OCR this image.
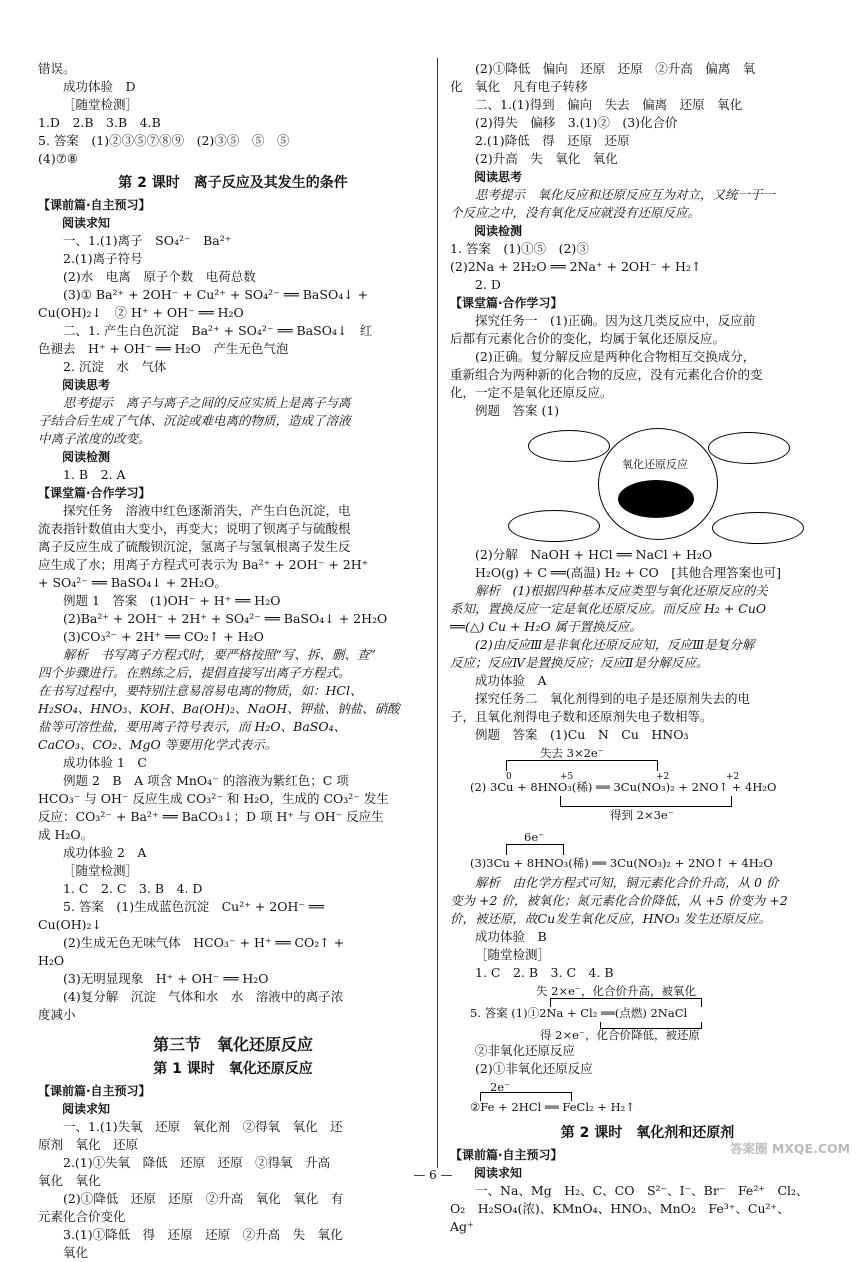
错误。
成功体验　D
［随堂检测］
1.D　2.B　3.B　4.B
5. 答案　(1)②③⑤⑦⑧⑨　(2)③⑤　⑤　⑤
(4)⑦⑧
第 2 课时　离子反应及其发生的条件
【课前篇·自主预习】
阅读求知
一、1.(1)离子　SO₄²⁻　Ba²⁺
2.(1)离子符号
(2)水　电离　原子个数　电荷总数
(3)① Ba²⁺ + 2OH⁻ + Cu²⁺ + SO₄²⁻ ══ BaSO₄↓ +
Cu(OH)₂↓　② H⁺ + OH⁻ ══ H₂O
二、1. 产生白色沉淀　Ba²⁺ + SO₄²⁻ ══ BaSO₄↓　红
色褪去　H⁺ + OH⁻ ══ H₂O　产生无色气泡
2. 沉淀　水　气体
阅读思考
思考提示　离子与离子之间的反应实质上是离子与离
子结合后生成了气体、沉淀或难电离的物质，造成了溶液
中离子浓度的改变。
阅读检测
1. B　2. A
【课堂篇·合作学习】
探究任务　溶液中红色逐渐消失，产生白色沉淀，电
流表指针数值由大变小，再变大；说明了钡离子与硫酸根
离子反应生成了硫酸钡沉淀，氢离子与氢氧根离子发生反
应生成了水；用离子方程式可表示为 Ba²⁺ + 2OH⁻ + 2H⁺
+ SO₄²⁻ ══ BaSO₄↓ + 2H₂O。
例题 1　答案　(1)OH⁻ + H⁺ ══ H₂O
(2)Ba²⁺ + 2OH⁻ + 2H⁺ + SO₄²⁻ ══ BaSO₄↓ + 2H₂O
(3)CO₃²⁻ + 2H⁺ ══ CO₂↑ + H₂O
解析　书写离子方程式时，要严格按照“写、拆、删、查”
四个步骤进行。在熟练之后，提倡直接写出离子方程式。
在书写过程中，要特别注意易溶易电离的物质，如：HCl、
H₂SO₄、HNO₃、KOH、Ba(OH)₂、NaOH、钾盐、钠盐、硝酸
盐等可溶性盐，要用离子符号表示，而 H₂O、BaSO₄、
CaCO₃、CO₂、MgO 等要用化学式表示。
成功体验 1　C
例题 2　B　A 项含 MnO₄⁻ 的溶液为紫红色；C 项
HCO₃⁻ 与 OH⁻ 反应生成 CO₃²⁻ 和 H₂O，生成的 CO₃²⁻ 发生
反应：CO₃²⁻ + Ba²⁺ ══ BaCO₃↓；D 项 H⁺ 与 OH⁻ 反应生
成 H₂O。
成功体验 2　A
［随堂检测］
1. C　2. C　3. B　4. D
5. 答案　(1)生成蓝色沉淀　Cu²⁺ + 2OH⁻ ══
Cu(OH)₂↓
(2)生成无色无味气体　HCO₃⁻ + H⁺ ══ CO₂↑ +
H₂O
(3)无明显现象　H⁺ + OH⁻ ══ H₂O
(4)复分解　沉淀　气体和水　水　溶液中的离子浓
度减小
第三节　氧化还原反应
第 1 课时　氧化还原反应
【课前篇·自主预习】
阅读求知
一、1.(1)失氧　还原　氧化剂　②得氧　氧化　还
原剂　氧化　还原
2.(1)①失氧　降低　还原　还原　②得氧　升高
氧化　氧化
(2)①降低　还原　还原　②升高　氧化　氧化　有
元素化合价变化
3.(1)①降低　得　还原　还原　②升高　失　氧化
氧化
(2)①降低　偏向　还原　还原　②升高　偏离　氧
化　氧化　凡有电子转移
二、1.(1)得到　偏向　失去　偏离　还原　氧化
(2)得失　偏移　3.(1)②　(3)化合价
2.(1)降低　得　还原　还原
(2)升高　失　氧化　氧化
阅读思考
思考提示　氧化反应和还原反应互为对立，又统一于一
个反应之中，没有氧化反应就没有还原反应。
阅读检测
1. 答案　(1)①⑤　(2)③
(2)2Na + 2H₂O ══ 2Na⁺ + 2OH⁻ + H₂↑
2. D
【课堂篇·合作学习】
探究任务一　(1)正确。因为这几类反应中，反应前
后都有元素化合价的变化，均属于氧化还原反应。
(2)正确。复分解反应是两种化合物相互交换成分，
重新组合为两种新的化合物的反应，没有元素化合价的变
化，一定不是氧化还原反应。
例题　答案 (1)
氧化还原反应
(2)分解　NaOH + HCl ══ NaCl + H₂O
H₂O(g) + C ══(高温) H₂ + CO　[其他合理答案也可]
解析　(1)根据四种基本反应类型与氧化还原反应的关
系知，置换反应一定是氧化还原反应。而反应 H₂ + CuO
══(△) Cu + H₂O 属于置换反应。
(2)由反应Ⅲ是非氧化还原反应知，反应Ⅲ是复分解
反应；反应Ⅳ是置换反应；反应Ⅱ是分解反应。
成功体验　A
探究任务二　氧化剂得到的电子是还原剂失去的电
子，且氧化剂得电子数和还原剂失电子数相等。
例题　答案　(1)Cu　N　Cu　HNO₃
失去 3×2e⁻
0	+5	+2	+2
(2) 3Cu + 8HNO₃(稀) ══ 3Cu(NO₃)₂ + 2NO↑ + 4H₂O
得到 2×3e⁻
6e⁻
(3)3Cu + 8HNO₃(稀) ══ 3Cu(NO₃)₂ + 2NO↑ + 4H₂O
解析　由化学方程式可知，铜元素化合价升高，从 0 价
变为 +2 价，被氧化；氮元素化合价降低，从 +5 价变为 +2
价，被还原，故Cu发生氧化反应，HNO₃ 发生还原反应。
成功体验　B
［随堂检测］
1. C　2. B　3. C　4. B
失 2×e⁻，化合价升高，被氧化
5. 答案 (1)①2Na + Cl₂ ══(点燃) 2NaCl
得 2×e⁻，化合价降低，被还原
②非氧化还原反应
(2)①非氧化还原反应
2e⁻
②Fe + 2HCl ══ FeCl₂ + H₂↑
第 2 课时　氧化剂和还原剂
【课前篇·自主预习】
阅读求知
一、Na、Mg　H₂、C、CO　S²⁻、I⁻、Br⁻　Fe²⁺　Cl₂、
O₂　H₂SO₄(浓)、KMnO₄、HNO₃、MnO₂　Fe³⁺、Cu²⁺、
Ag⁺
— 6 —
答案圈 MXQE.COM
